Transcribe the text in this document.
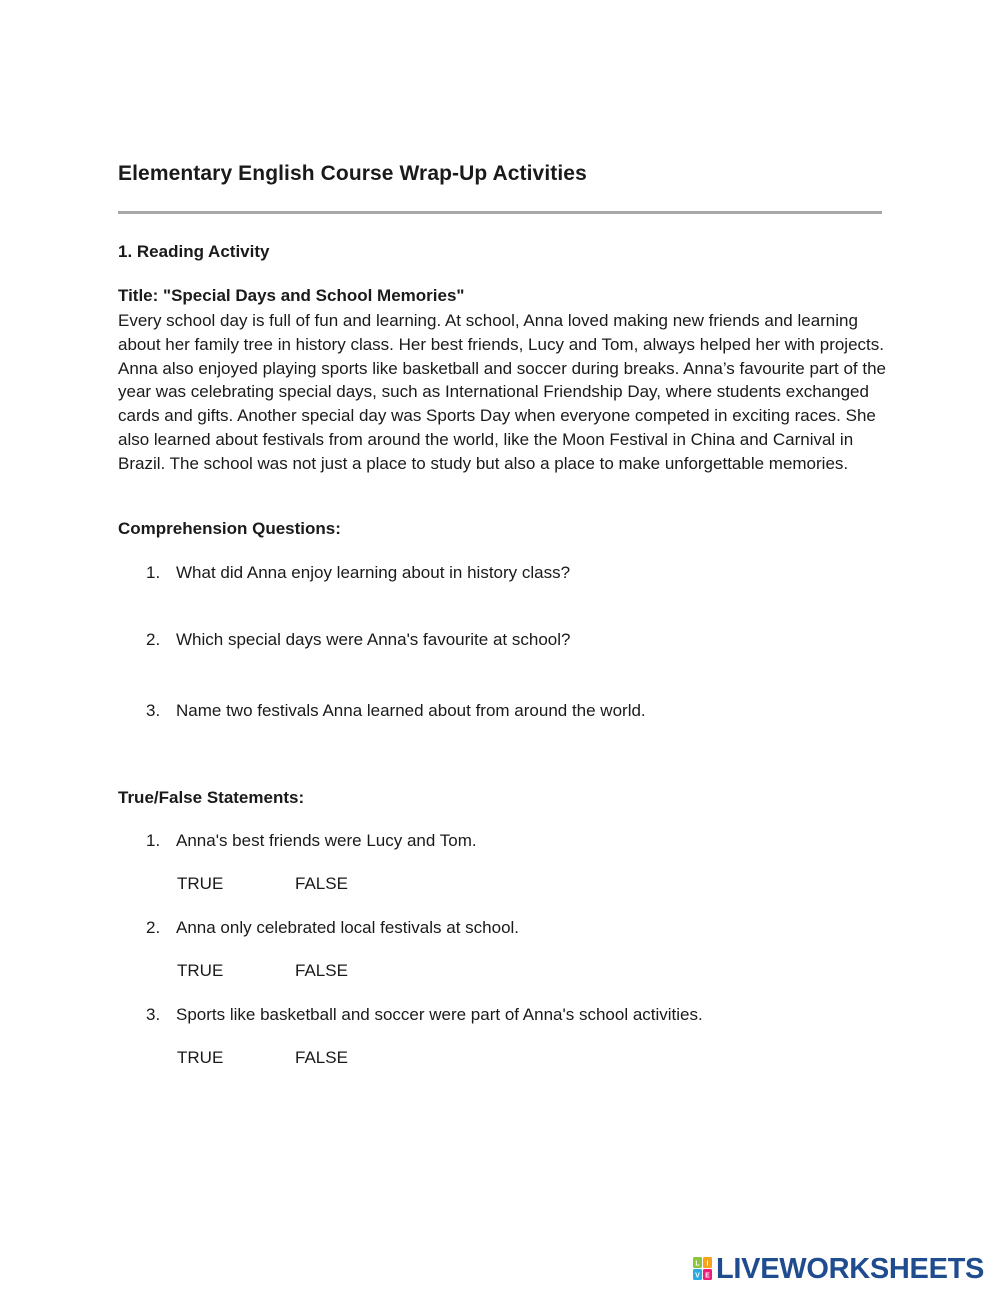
Elementary English Course Wrap-Up Activities
1. Reading Activity
Title: "Special Days and School Memories"
Every school day is full of fun and learning. At school, Anna loved making new friends and learning about her family tree in history class. Her best friends, Lucy and Tom, always helped her with projects. Anna also enjoyed playing sports like basketball and soccer during breaks. Anna’s favourite part of the year was celebrating special days, such as International Friendship Day, where students exchanged cards and gifts. Another special day was Sports Day when everyone competed in exciting races. She also learned about festivals from around the world, like the Moon Festival in China and Carnival in Brazil. The school was not just a place to study but also a place to make unforgettable memories.
Comprehension Questions:
1. What did Anna enjoy learning about in history class?
2. Which special days were Anna's favourite at school?
3. Name two festivals Anna learned about from around the world.
True/False Statements:
1. Anna's best friends were Lucy and Tom.
TRUE	FALSE
2. Anna only celebrated local festivals at school.
TRUE	FALSE
3. Sports like basketball and soccer were part of Anna's school activities.
TRUE	FALSE
L I
V E LIVEWORKSHEETS
